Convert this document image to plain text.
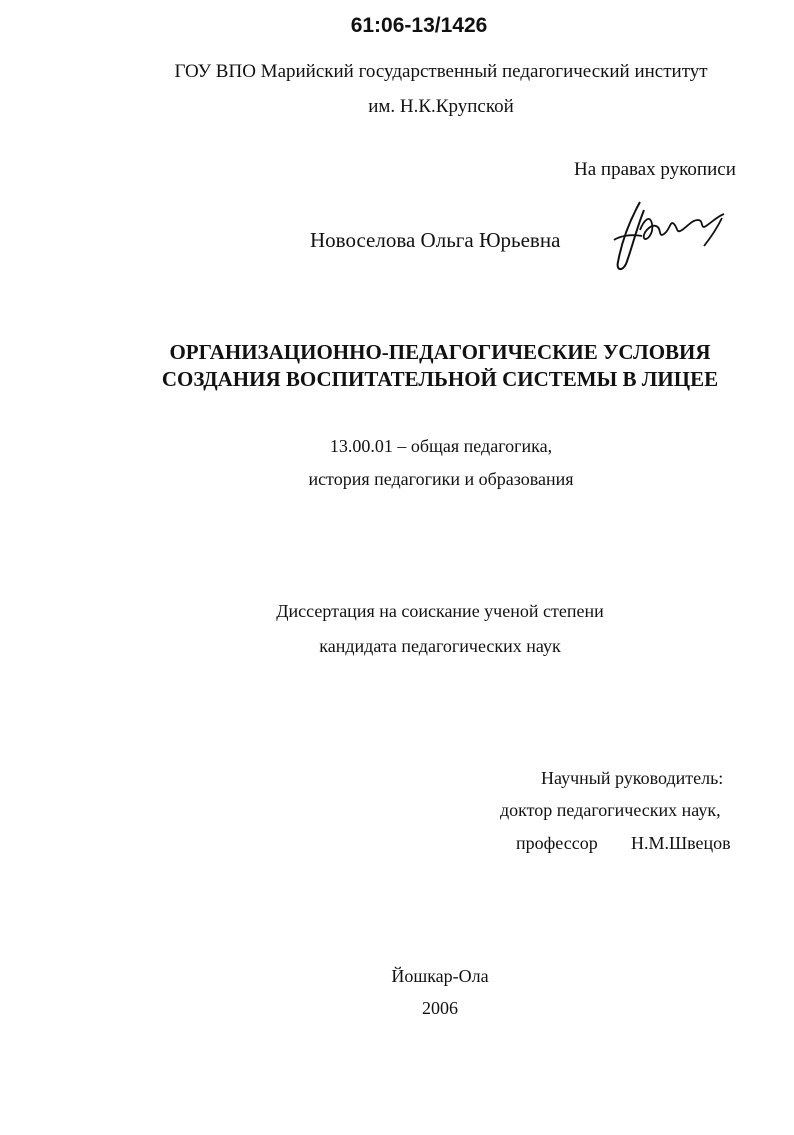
61:06-13/1426
ГОУ ВПО Марийский государственный педагогический институт
им. Н.К.Крупской
На правах рукописи
Новоселова Ольга Юрьевна
ОРГАНИЗАЦИОННО-ПЕДАГОГИЧЕСКИЕ УСЛОВИЯ
СОЗДАНИЯ ВОСПИТАТЕЛЬНОЙ СИСТЕМЫ В ЛИЦЕЕ
13.00.01 – общая педагогика,
история педагогики и образования
Диссертация на соискание ученой степени
кандидата педагогических наук
Научный руководитель:
доктор педагогических наук,
профессор Н.М.Швецов
Йошкар-Ола
2006
